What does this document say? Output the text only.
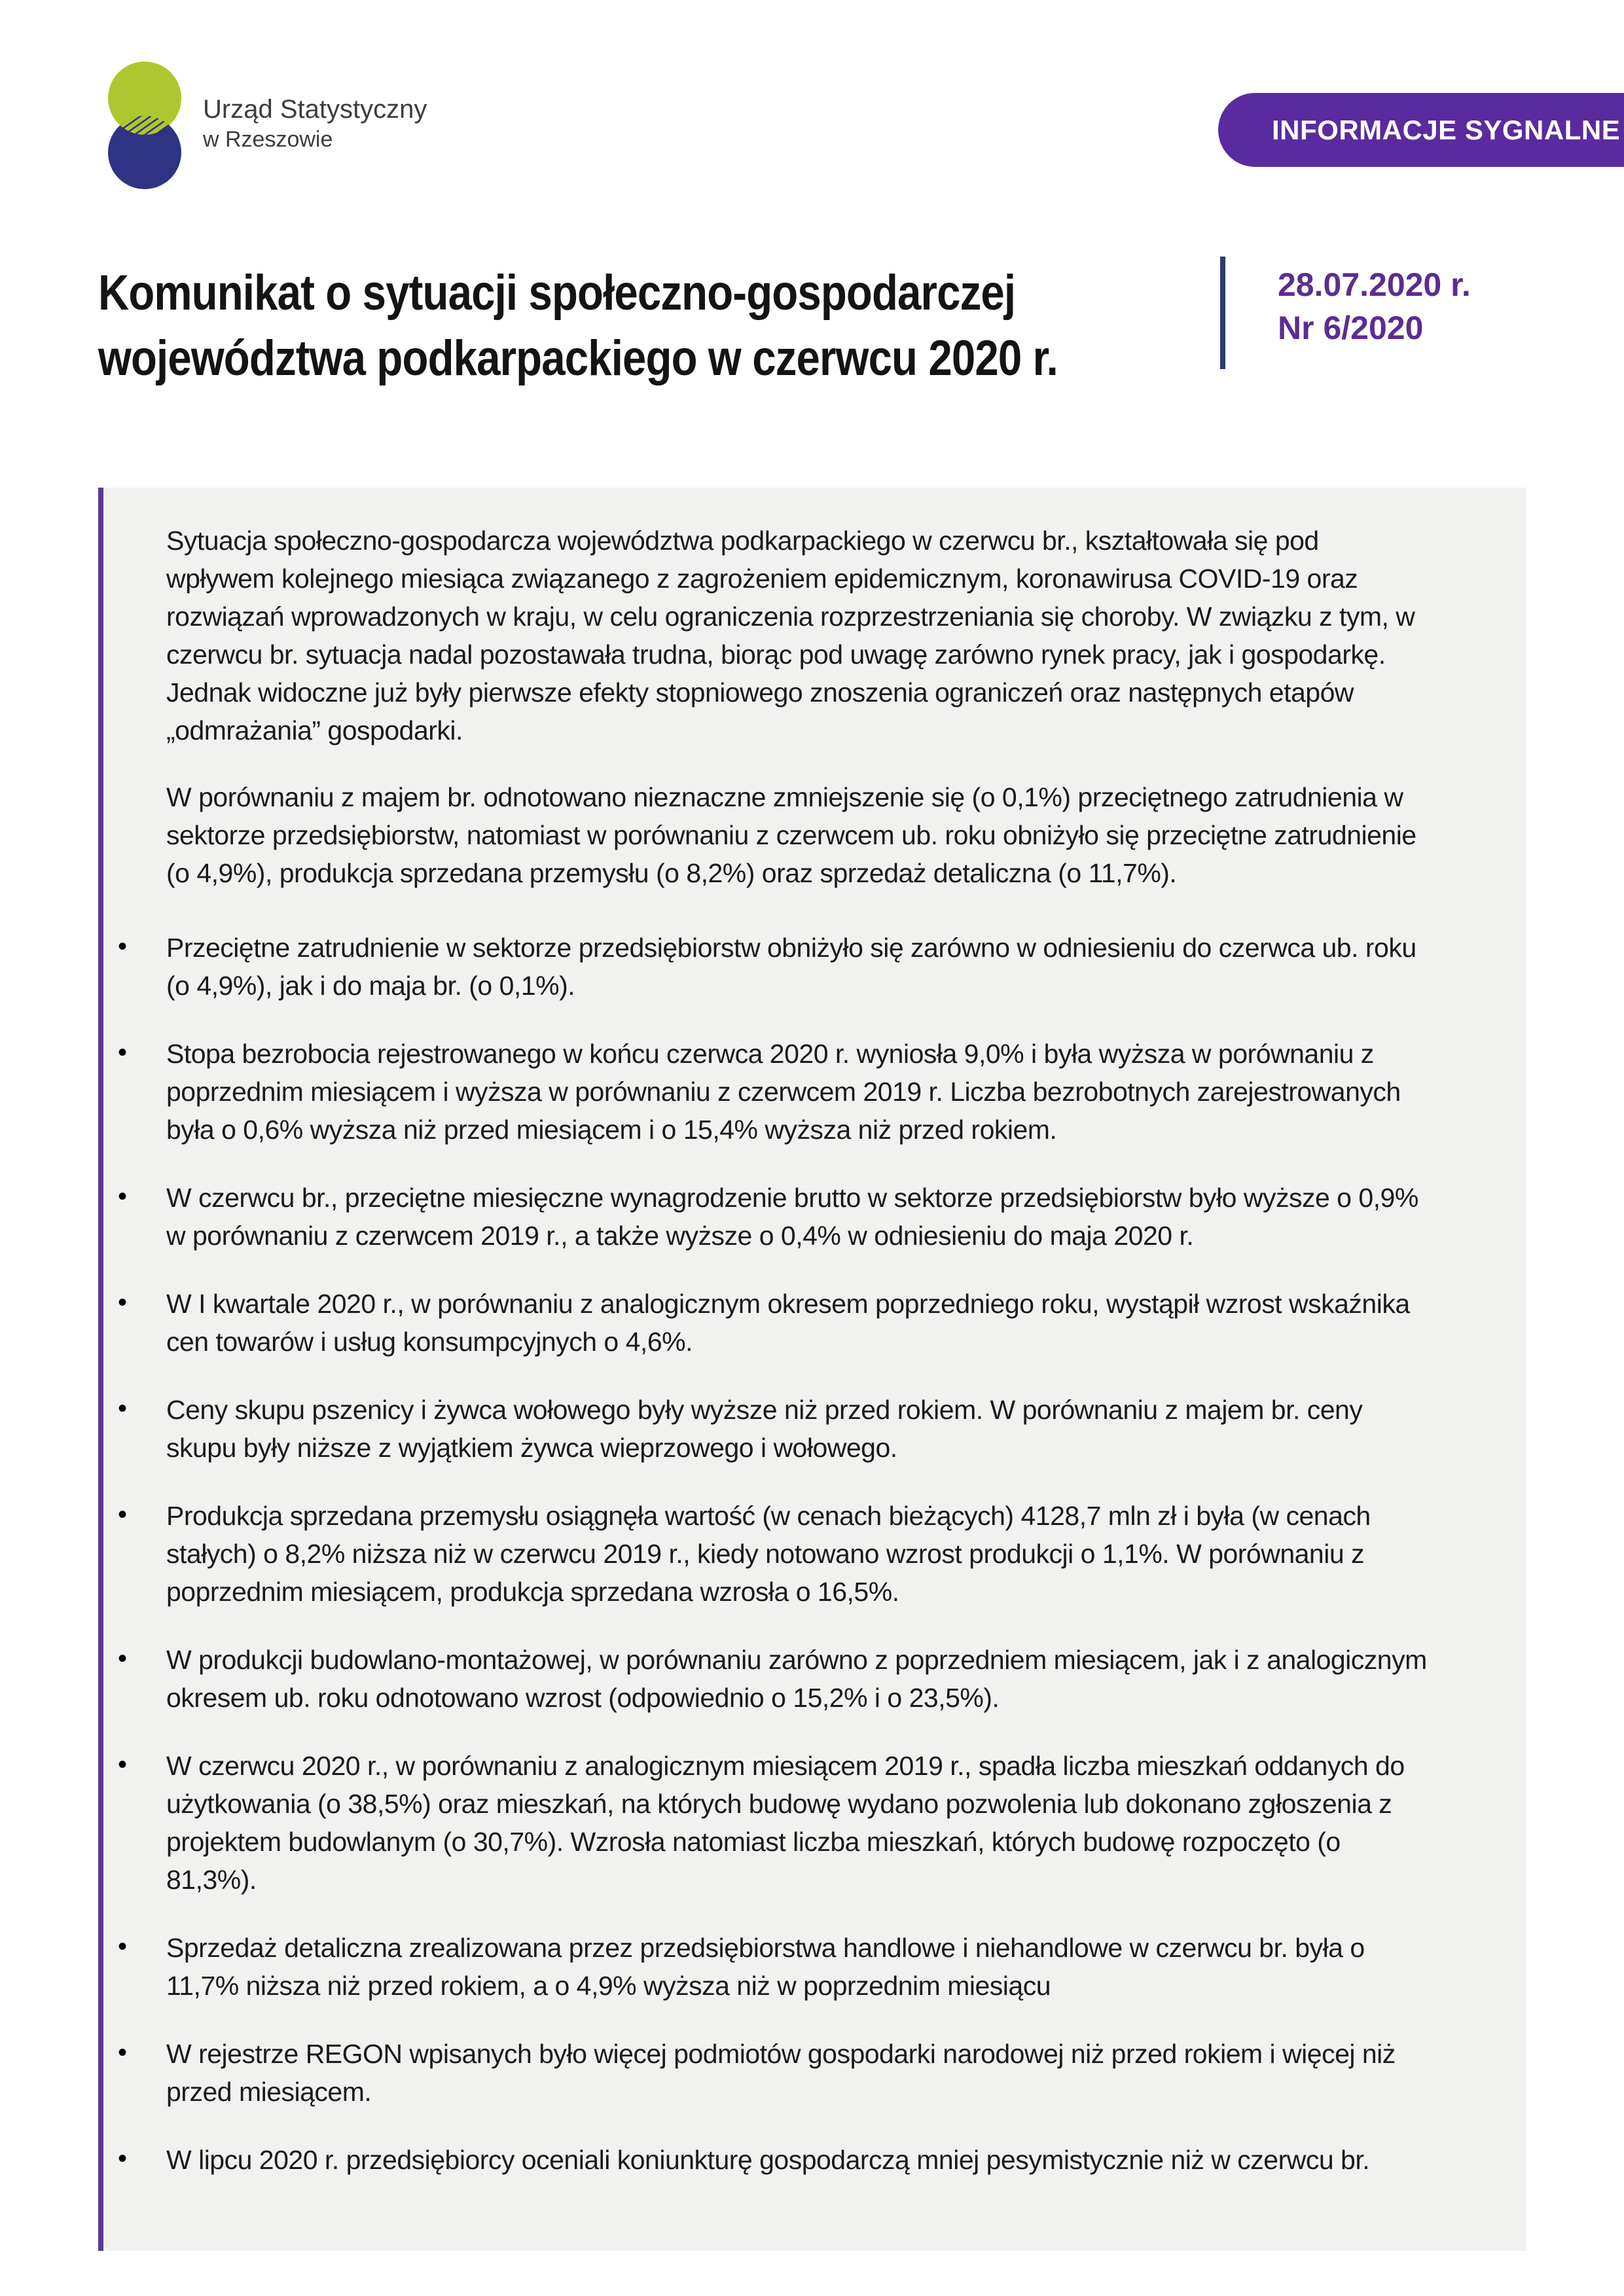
Urząd Statystyczny
w Rzeszowie	INFORMACJE SYGNALNE
Komunikat o sytuacji społeczno-gospodarczej
województwa podkarpackiego w czerwcu 2020 r.
28.07.2020 r.
Nr 6/2020

Sytuacja społeczno-gospodarcza województwa podkarpackiego w czerwcu br., kształtowała się pod wpływem kolejnego miesiąca związanego z zagrożeniem epidemicznym, koronawirusa COVID-19 oraz rozwiązań wprowadzonych w kraju, w celu ograniczenia rozprzestrzeniania się choroby. W związku z tym, w czerwcu br. sytuacja nadal pozostawała trudna, biorąc pod uwagę zarówno rynek pracy, jak i gospodarkę. Jednak widoczne już były pierwsze efekty stopniowego znoszenia ograniczeń oraz następnych etapów „odmrażania” gospodarki.

W porównaniu z majem br. odnotowano nieznaczne zmniejszenie się (o 0,1%) przeciętnego zatrudnienia w sektorze przedsiębiorstw, natomiast w porównaniu z czerwcem ub. roku obniżyło się przeciętne zatrudnienie (o 4,9%), produkcja sprzedana przemysłu (o 8,2%) oraz sprzedaż detaliczna (o 11,7%).

• Przeciętne zatrudnienie w sektorze przedsiębiorstw obniżyło się zarówno w odniesieniu do czerwca ub. roku (o 4,9%), jak i do maja br. (o 0,1%).
• Stopa bezrobocia rejestrowanego w końcu czerwca 2020 r. wyniosła 9,0% i była wyższa w porównaniu z poprzednim miesiącem i wyższa w porównaniu z czerwcem 2019 r. Liczba bezrobotnych zarejestrowanych była o 0,6% wyższa niż przed miesiącem i o 15,4% wyższa niż przed rokiem.
• W czerwcu br., przeciętne miesięczne wynagrodzenie brutto w sektorze przedsiębiorstw było wyższe o 0,9% w porównaniu z czerwcem 2019 r., a także wyższe o 0,4% w odniesieniu do maja 2020 r.
• W I kwartale 2020 r., w porównaniu z analogicznym okresem poprzedniego roku, wystąpił wzrost wskaźnika cen towarów i usług konsumpcyjnych o 4,6%.
• Ceny skupu pszenicy i żywca wołowego były wyższe niż przed rokiem. W porównaniu z majem br. ceny skupu były niższe z wyjątkiem żywca wieprzowego i wołowego.
• Produkcja sprzedana przemysłu osiągnęła wartość (w cenach bieżących) 4128,7 mln zł i była (w cenach stałych) o 8,2% niższa niż w czerwcu 2019 r., kiedy notowano wzrost produkcji o 1,1%. W porównaniu z poprzednim miesiącem, produkcja sprzedana wzrosła o 16,5%.
• W produkcji budowlano-montażowej, w porównaniu zarówno z poprzedniem miesiącem, jak i z analogicznym okresem ub. roku odnotowano wzrost (odpowiednio o 15,2% i o 23,5%).
• W czerwcu 2020 r., w porównaniu z analogicznym miesiącem 2019 r., spadła liczba mieszkań oddanych do użytkowania (o 38,5%) oraz mieszkań, na których budowę wydano pozwolenia lub dokonano zgłoszenia z projektem budowlanym (o 30,7%). Wzrosła natomiast liczba mieszkań, których budowę rozpoczęto (o 81,3%).
• Sprzedaż detaliczna zrealizowana przez przedsiębiorstwa handlowe i niehandlowe w czerwcu br. była o 11,7% niższa niż przed rokiem, a o 4,9% wyższa niż w poprzednim miesiącu
• W rejestrze REGON wpisanych było więcej podmiotów gospodarki narodowej niż przed rokiem i więcej niż przed miesiącem.
• W lipcu 2020 r. przedsiębiorcy oceniali koniunkturę gospodarczą mniej pesymistycznie niż w czerwcu br.
